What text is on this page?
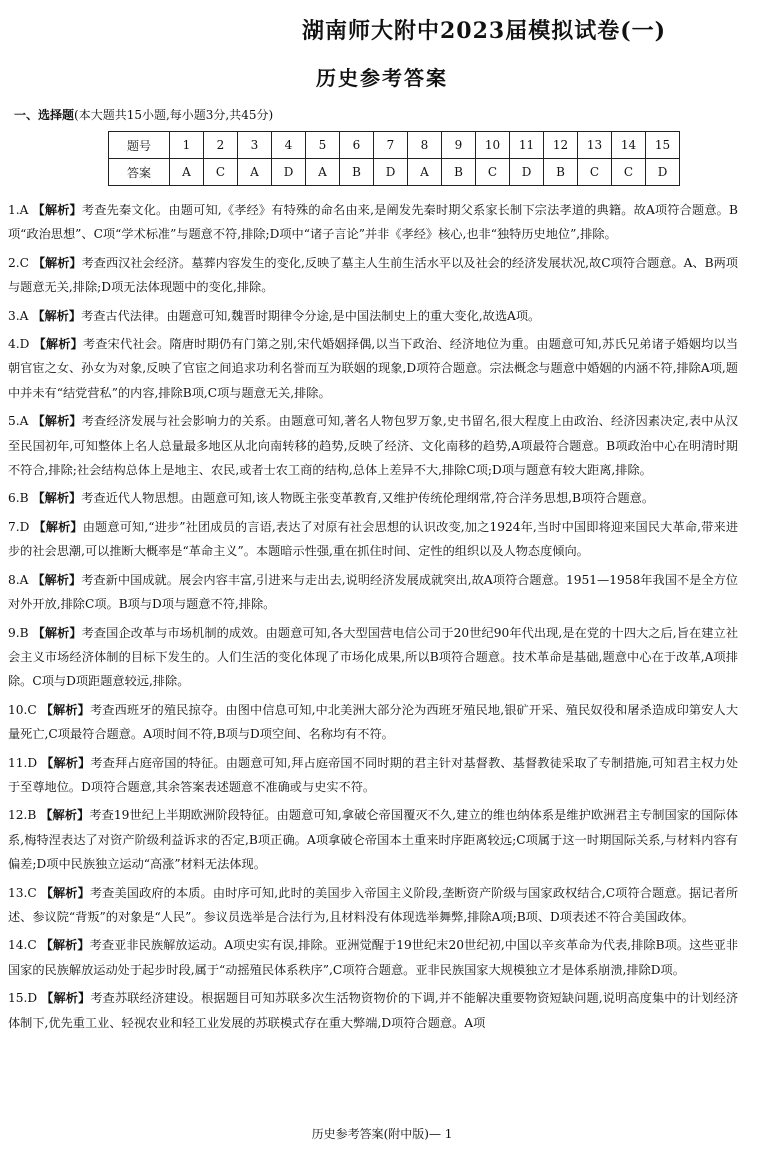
湖南师大附中2023届模拟试卷(一)
历史参考答案
一、选择题(本大题共15小题,每小题3分,共45分)
题号	1	2	3	4	5	6	7	8	9	10	11	12	13	14	15
答案	A	C	A	D	A	B	D	A	B	C	D	B	C	C	D
1.A 【解析】考查先秦文化。由题可知,《孝经》有特殊的命名由来,是阐发先秦时期父系家长制下宗法孝道的典籍。故A项符合题意。B项“政治思想”、C项“学术标准”与题意不符,排除;D项中“诸子言论”并非《孝经》核心,也非“独特历史地位”,排除。
2.C 【解析】考查西汉社会经济。墓葬内容发生的变化,反映了墓主人生前生活水平以及社会的经济发展状况,故C项符合题意。A、B两项与题意无关,排除;D项无法体现题中的变化,排除。
3.A 【解析】考查古代法律。由题意可知,魏晋时期律令分途,是中国法制史上的重大变化,故选A项。
4.D 【解析】考查宋代社会。隋唐时期仍有门第之别,宋代婚姻择偶,以当下政治、经济地位为重。由题意可知,苏氏兄弟诸子婚姻均以当朝官宦之女、孙女为对象,反映了官宦之间追求功利名誉而互为联姻的现象,D项符合题意。宗法概念与题意中婚姻的内涵不符,排除A项,题中并未有“结党营私”的内容,排除B项,C项与题意无关,排除。
5.A 【解析】考查经济发展与社会影响力的关系。由题意可知,著名人物包罗万象,史书留名,很大程度上由政治、经济因素决定,表中从汉至民国初年,可知整体上名人总量最多地区从北向南转移的趋势,反映了经济、文化南移的趋势,A项最符合题意。B项政治中心在明清时期不符合,排除;社会结构总体上是地主、农民,或者士农工商的结构,总体上差异不大,排除C项;D项与题意有较大距离,排除。
6.B 【解析】考查近代人物思想。由题意可知,该人物既主张变革教育,又维护传统伦理纲常,符合洋务思想,B项符合题意。
7.D 【解析】由题意可知,“进步”社团成员的言语,表达了对原有社会思想的认识改变,加之1924年,当时中国即将迎来国民大革命,带来进步的社会思潮,可以推断大概率是“革命主义”。本题暗示性强,重在抓住时间、定性的组织以及人物态度倾向。
8.A 【解析】考查新中国成就。展会内容丰富,引进来与走出去,说明经济发展成就突出,故A项符合题意。1951—1958年我国不是全方位对外开放,排除C项。B项与D项与题意不符,排除。
9.B 【解析】考查国企改革与市场机制的成效。由题意可知,各大型国营电信公司于20世纪90年代出现,是在党的十四大之后,旨在建立社会主义市场经济体制的目标下发生的。人们生活的变化体现了市场化成果,所以B项符合题意。技术革命是基础,题意中心在于改革,A项排除。C项与D项距题意较远,排除。
10.C 【解析】考查西班牙的殖民掠夺。由图中信息可知,中北美洲大部分沦为西班牙殖民地,银矿开采、殖民奴役和屠杀造成印第安人大量死亡,C项最符合题意。A项时间不符,B项与D项空间、名称均有不符。
11.D 【解析】考查拜占庭帝国的特征。由题意可知,拜占庭帝国不同时期的君主针对基督教、基督教徒采取了专制措施,可知君主权力处于至尊地位。D项符合题意,其余答案表述题意不准确或与史实不符。
12.B 【解析】考查19世纪上半期欧洲阶段特征。由题意可知,拿破仑帝国覆灭不久,建立的维也纳体系是维护欧洲君主专制国家的国际体系,梅特涅表达了对资产阶级利益诉求的否定,B项正确。A项拿破仑帝国本土重来时序距离较远;C项属于这一时期国际关系,与材料内容有偏差;D项中民族独立运动“高涨”材料无法体现。
13.C 【解析】考查美国政府的本质。由时序可知,此时的美国步入帝国主义阶段,垄断资产阶级与国家政权结合,C项符合题意。据记者所述、参议院“背叛”的对象是“人民”。参议员选举是合法行为,且材料没有体现选举舞弊,排除A项;B项、D项表述不符合美国政体。
14.C 【解析】考查亚非民族解放运动。A项史实有误,排除。亚洲觉醒于19世纪末20世纪初,中国以辛亥革命为代表,排除B项。这些亚非国家的民族解放运动处于起步时段,属于“动摇殖民体系秩序”,C项符合题意。亚非民族国家大规模独立才是体系崩溃,排除D项。
15.D 【解析】考查苏联经济建设。根据题目可知苏联多次生活物资物价的下调,并不能解决重要物资短缺问题,说明高度集中的计划经济体制下,优先重工业、轻视农业和轻工业发展的苏联模式存在重大弊端,D项符合题意。A项
历史参考答案(附中版)— 1
